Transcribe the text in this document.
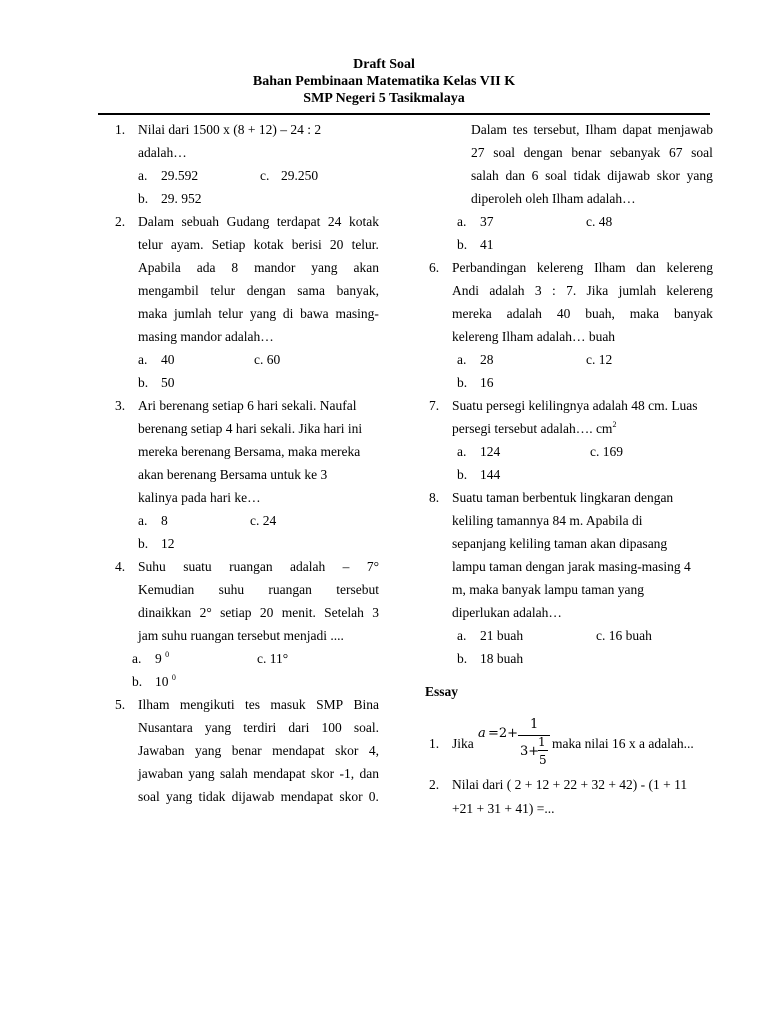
Draft Soal
Bahan Pembinaan Matematika Kelas VII K
SMP Negeri 5 Tasikmalaya
1. Nilai dari 1500 x (8 + 12) – 24 : 2
adalah…
a. 29.592	c. 29.250
b. 29. 952
2. Dalam sebuah Gudang terdapat 24 kotak
telur ayam. Setiap kotak berisi 20 telur.
Apabila ada 8 mandor yang akan
mengambil telur dengan sama banyak,
maka jumlah telur yang di bawa masing-
masing mandor adalah…
a. 40	c. 60
b. 50
3. Ari berenang setiap 6 hari sekali. Naufal
berenang setiap 4 hari sekali. Jika hari ini
mereka berenang Bersama, maka mereka
akan berenang Bersama untuk ke 3
kalinya pada hari ke…
a. 8	c. 24
b. 12
4. Suhu suatu ruangan adalah – 7°
Kemudian suhu ruangan tersebut
dinaikkan 2° setiap 20 menit. Setelah 3
jam suhu ruangan tersebut menjadi ....
a. 9 $^0$	c. 11°
b. 10 $^0$
5. Ilham mengikuti tes masuk SMP Bina
Nusantara yang terdiri dari 100 soal.
Jawaban yang benar mendapat skor 4,
jawaban yang salah mendapat skor -1, dan
soal yang tidak dijawab mendapat skor 0.
Dalam tes tersebut, Ilham dapat menjawab
27 soal dengan benar sebanyak 67 soal
salah dan 6 soal tidak dijawab skor yang
diperoleh oleh Ilham adalah…
a. 37	c. 48
b. 41
6. Perbandingan kelereng Ilham dan kelereng
Andi adalah 3 : 7. Jika jumlah kelereng
mereka adalah 40 buah, maka banyak
kelereng Ilham adalah… buah
a. 28	c. 12
b. 16
7. Suatu persegi kelilingnya adalah 48 cm. Luas
persegi tersebut adalah…. $cm^2$
a. 124	c. 169
b. 144
8. Suatu taman berbentuk lingkaran dengan
keliling tamannya 84 m. Apabila di
sepanjang keliling taman akan dipasang
lampu taman dengan jarak masing-masing 4
m, maka banyak lampu taman yang
diperlukan adalah…
a. 21 buah	c. 16 buah
b. 18 buah
Essay
1. Jika
a =2+
1
3+
1
5
maka nilai 16 x a adalah...
2. Nilai dari ( 2 + 12 + 22 + 32 + 42) - (1 + 11
+21 + 31 + 41) =...
